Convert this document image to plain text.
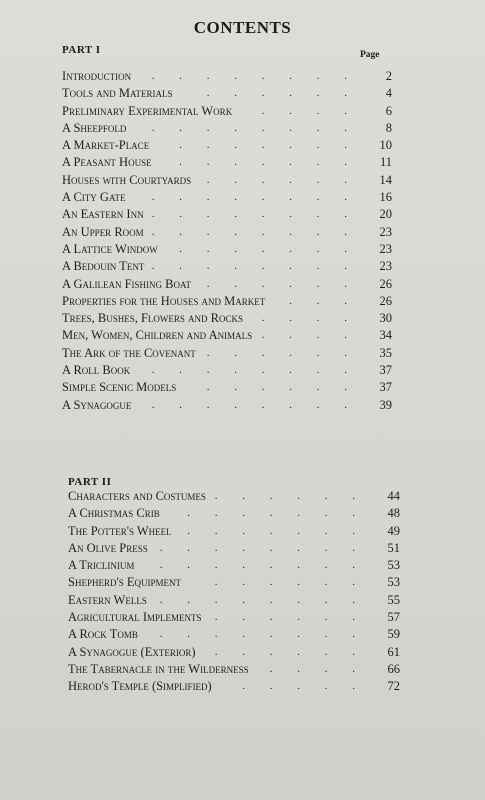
CONTENTS
PART I	Page
Introduction . . . . . . . .	2
Tools and Materials	. . . . . .	4
Preliminary Experimental Work	. . . .	6
A Sheepfold . . . . . . . .	8
A Market-Place	. . . . . . .	10
A Peasant House	. . . . . . .	11
Houses with Courtyards . . . . . .	14
A City Gate . . . . . . . .	16
An Eastern Inn . . . . . . . .	20
An Upper Room . . . . . . . .	23
A Lattice Window . . . . . . .	23
A Bedouin Tent . . . . . . . .	23
A Galilean Fishing Boat . . . . . .	26
Properties for the Houses and Market . . .	26
Trees, Bushes, Flowers and Rocks . . . .	30
Men, Women, Children and Animals . . . .	34
The Ark of the Covenant . . . . . .	35
A Roll Book . . . . . . . .	37
Simple Scenic Models	. . . . . .	37
A Synagogue . . . . . . . .	39
PART II
Characters and Costumes . . . . . .	44
A Christmas Crib . . . . . . .	48
The Potter's Wheel . . . . . . .	49
An Olive Press . . . . . . . .	51
A Triclinium . . . . . . . .	53
Shepherd's Equipment	. . . . . .	53
Eastern Wells . . . . . . . .	55
Agricultural Implements . . . . . .	57
A Rock Tomb . . . . . . . .	59
A Synagogue (Exterior) . . . . . .	61
The Tabernacle in the Wilderness . . . .	66
Herod's Temple (Simplified)	. . . . .	72
